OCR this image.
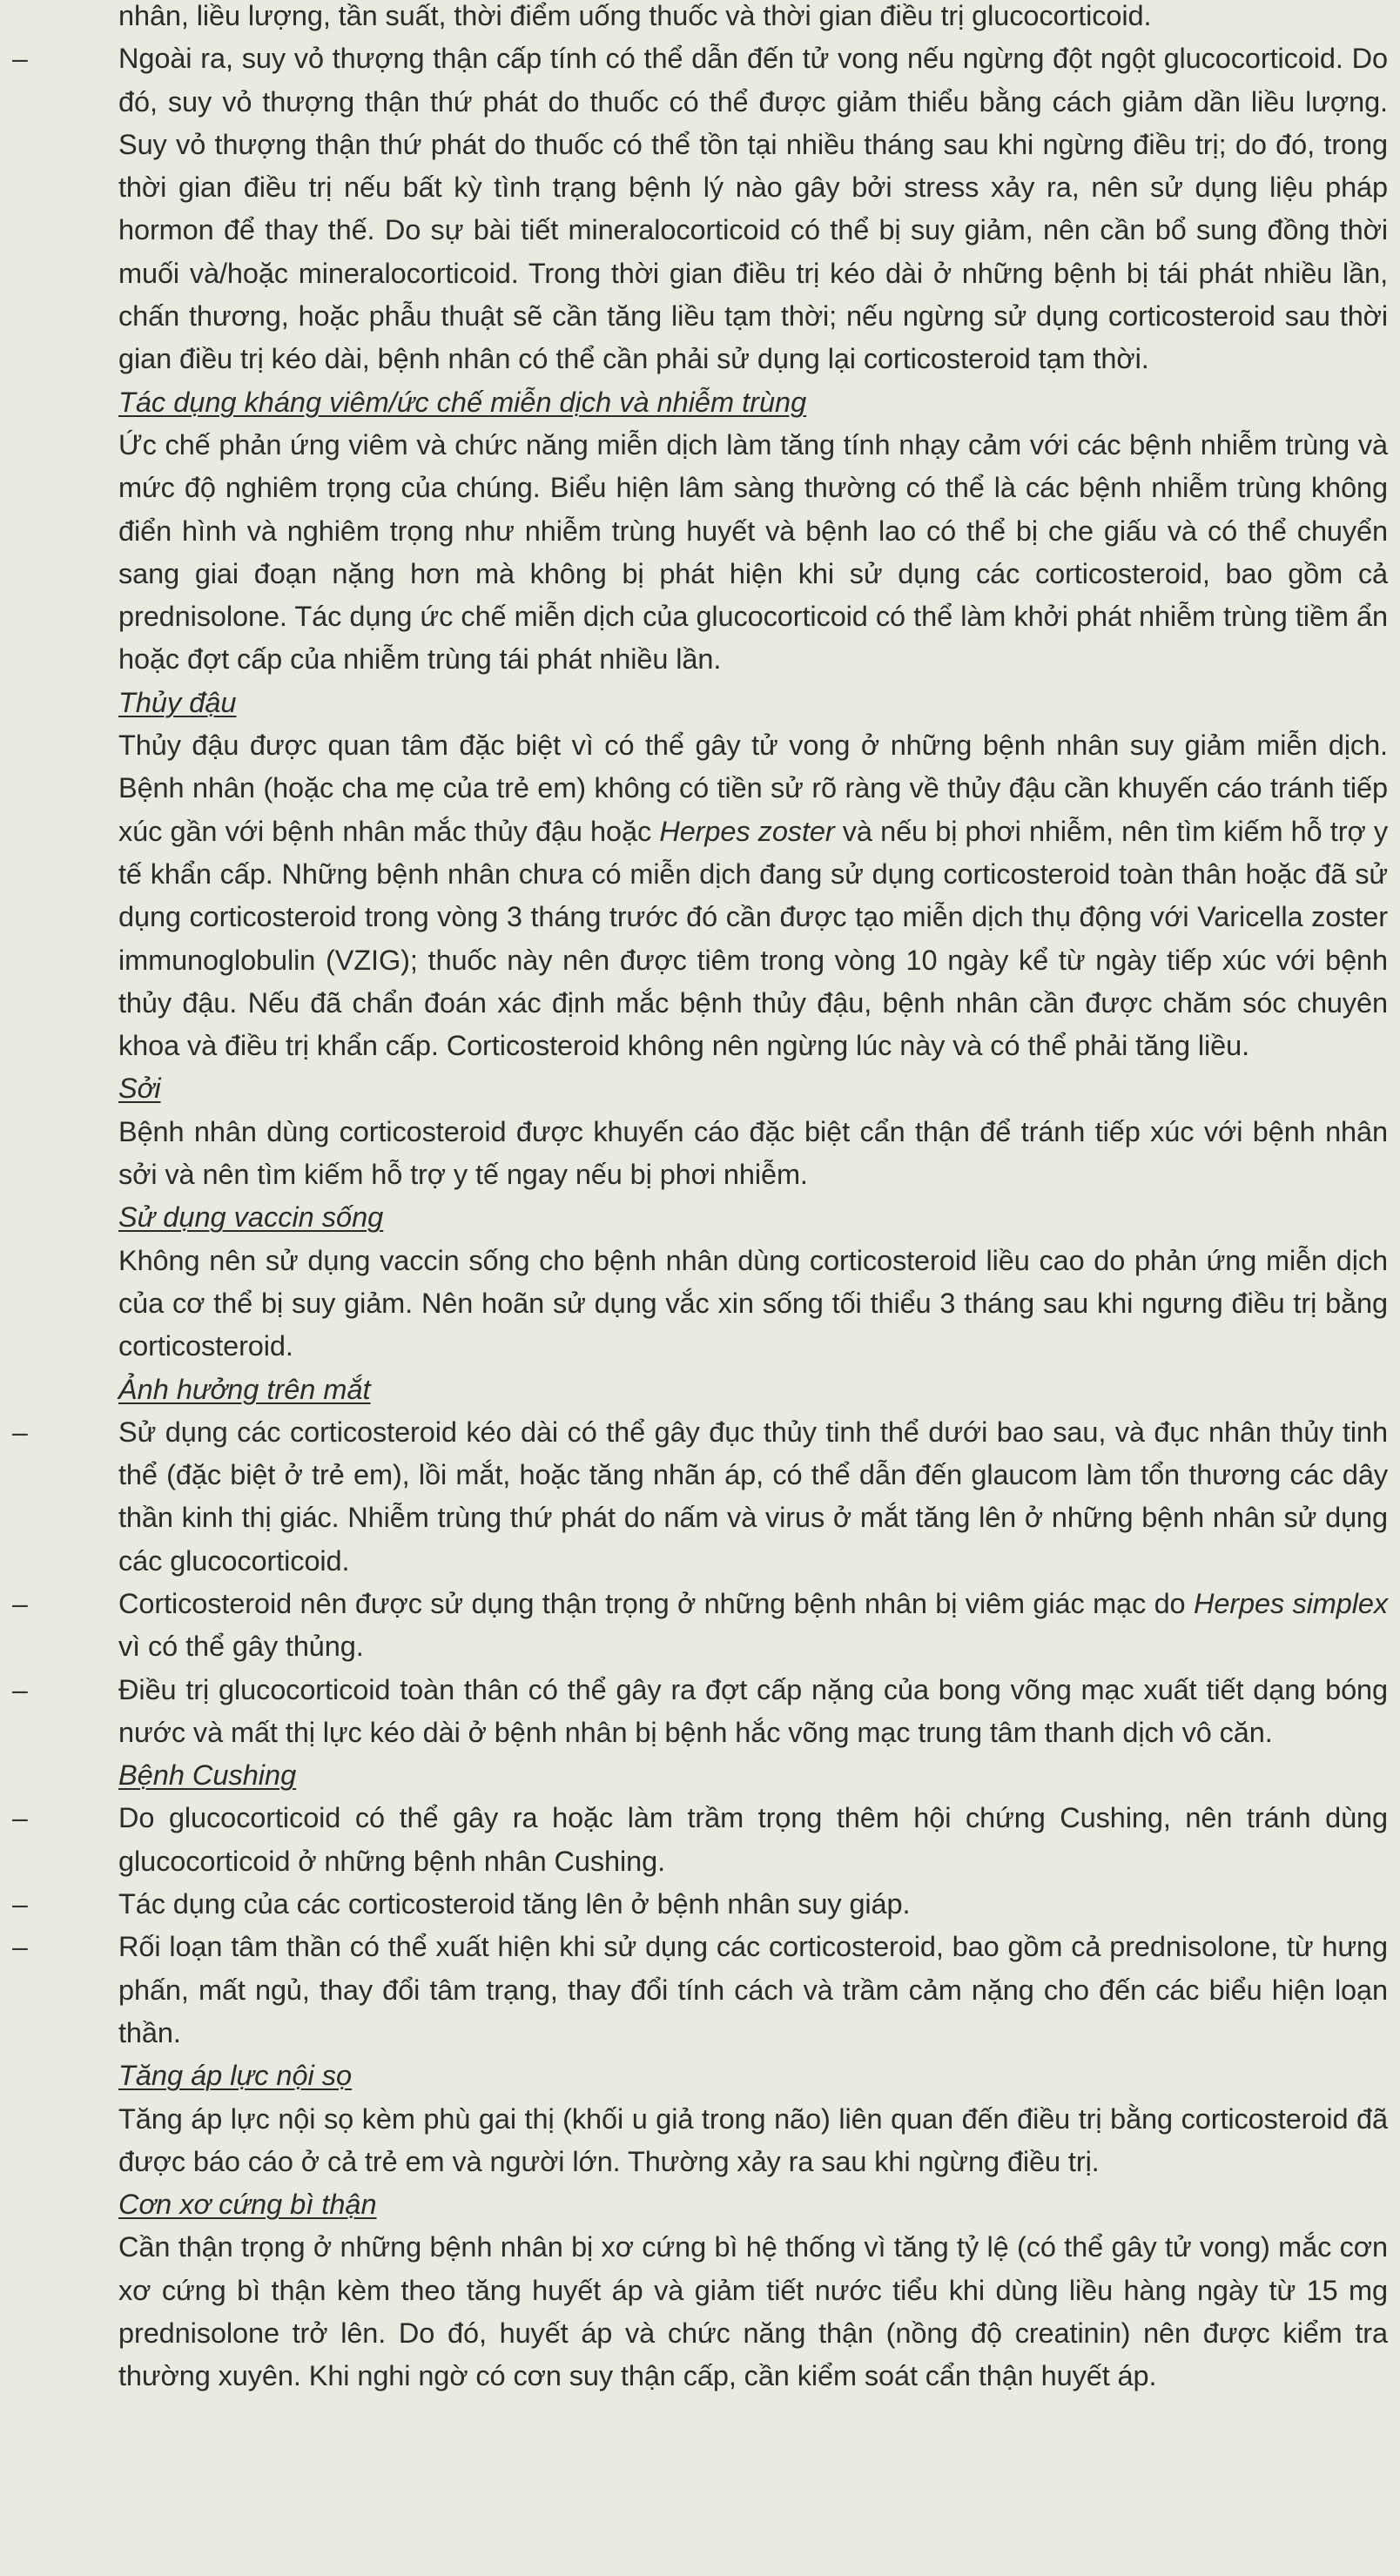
nhân, liều lượng, tần suất, thời điểm uống thuốc và thời gian điều trị glucocorticoid.
–	Ngoài ra, suy vỏ thượng thận cấp tính có thể dẫn đến tử vong nếu ngừng đột ngột glucocorticoid. Do đó, suy vỏ thượng thận thứ phát do thuốc có thể được giảm thiểu bằng cách giảm dần liều lượng. Suy vỏ thượng thận thứ phát do thuốc có thể tồn tại nhiều tháng sau khi ngừng điều trị; do đó, trong thời gian điều trị nếu bất kỳ tình trạng bệnh lý nào gây bởi stress xảy ra, nên sử dụng liệu pháp hormon để thay thế. Do sự bài tiết mineralocorticoid có thể bị suy giảm, nên cần bổ sung đồng thời muối và/hoặc mineralocorticoid. Trong thời gian điều trị kéo dài ở những bệnh bị tái phát nhiều lần, chấn thương, hoặc phẫu thuật sẽ cần tăng liều tạm thời; nếu ngừng sử dụng corticosteroid sau thời gian điều trị kéo dài, bệnh nhân có thể cần phải sử dụng lại corticosteroid tạm thời.
Tác dụng kháng viêm/ức chế miễn dịch và nhiễm trùng
Ức chế phản ứng viêm và chức năng miễn dịch làm tăng tính nhạy cảm với các bệnh nhiễm trùng và mức độ nghiêm trọng của chúng. Biểu hiện lâm sàng thường có thể là các bệnh nhiễm trùng không điển hình và nghiêm trọng như nhiễm trùng huyết và bệnh lao có thể bị che giấu và có thể chuyển sang giai đoạn nặng hơn mà không bị phát hiện khi sử dụng các corticosteroid, bao gồm cả prednisolone. Tác dụng ức chế miễn dịch của glucocorticoid có thể làm khởi phát nhiễm trùng tiềm ẩn hoặc đợt cấp của nhiễm trùng tái phát nhiều lần.
Thủy đậu
Thủy đậu được quan tâm đặc biệt vì có thể gây tử vong ở những bệnh nhân suy giảm miễn dịch. Bệnh nhân (hoặc cha mẹ của trẻ em) không có tiền sử rõ ràng về thủy đậu cần khuyến cáo tránh tiếp xúc gần với bệnh nhân mắc thủy đậu hoặc Herpes zoster và nếu bị phơi nhiễm, nên tìm kiếm hỗ trợ y tế khẩn cấp. Những bệnh nhân chưa có miễn dịch đang sử dụng corticosteroid toàn thân hoặc đã sử dụng corticosteroid trong vòng 3 tháng trước đó cần được tạo miễn dịch thụ động với Varicella zoster immunoglobulin (VZIG); thuốc này nên được tiêm trong vòng 10 ngày kể từ ngày tiếp xúc với bệnh thủy đậu. Nếu đã chẩn đoán xác định mắc bệnh thủy đậu, bệnh nhân cần được chăm sóc chuyên khoa và điều trị khẩn cấp. Corticosteroid không nên ngừng lúc này và có thể phải tăng liều.
Sởi
Bệnh nhân dùng corticosteroid được khuyến cáo đặc biệt cẩn thận để tránh tiếp xúc với bệnh nhân sởi và nên tìm kiếm hỗ trợ y tế ngay nếu bị phơi nhiễm.
Sử dụng vaccin sống
Không nên sử dụng vaccin sống cho bệnh nhân dùng corticosteroid liều cao do phản ứng miễn dịch của cơ thể bị suy giảm. Nên hoãn sử dụng vắc xin sống tối thiểu 3 tháng sau khi ngưng điều trị bằng corticosteroid.
Ảnh hưởng trên mắt
–	Sử dụng các corticosteroid kéo dài có thể gây đục thủy tinh thể dưới bao sau, và đục nhân thủy tinh thể (đặc biệt ở trẻ em), lồi mắt, hoặc tăng nhãn áp, có thể dẫn đến glaucom làm tổn thương các dây thần kinh thị giác. Nhiễm trùng thứ phát do nấm và virus ở mắt tăng lên ở những bệnh nhân sử dụng các glucocorticoid.
–	Corticosteroid nên được sử dụng thận trọng ở những bệnh nhân bị viêm giác mạc do Herpes simplex vì có thể gây thủng.
–	Điều trị glucocorticoid toàn thân có thể gây ra đợt cấp nặng của bong võng mạc xuất tiết dạng bóng nước và mất thị lực kéo dài ở bệnh nhân bị bệnh hắc võng mạc trung tâm thanh dịch vô căn.
Bệnh Cushing
–	Do glucocorticoid có thể gây ra hoặc làm trầm trọng thêm hội chứng Cushing, nên tránh dùng glucocorticoid ở những bệnh nhân Cushing.
–	Tác dụng của các corticosteroid tăng lên ở bệnh nhân suy giáp.
–	Rối loạn tâm thần có thể xuất hiện khi sử dụng các corticosteroid, bao gồm cả prednisolone, từ hưng phấn, mất ngủ, thay đổi tâm trạng, thay đổi tính cách và trầm cảm nặng cho đến các biểu hiện loạn thần.
Tăng áp lực nội sọ
Tăng áp lực nội sọ kèm phù gai thị (khối u giả trong não) liên quan đến điều trị bằng corticosteroid đã được báo cáo ở cả trẻ em và người lớn. Thường xảy ra sau khi ngừng điều trị.
Cơn xơ cứng bì thận
Cần thận trọng ở những bệnh nhân bị xơ cứng bì hệ thống vì tăng tỷ lệ (có thể gây tử vong) mắc cơn xơ cứng bì thận kèm theo tăng huyết áp và giảm tiết nước tiểu khi dùng liều hàng ngày từ 15 mg prednisolone trở lên. Do đó, huyết áp và chức năng thận (nồng độ creatinin) nên được kiểm tra thường xuyên. Khi nghi ngờ có cơn suy thận cấp, cần kiểm soát cẩn thận huyết áp.
